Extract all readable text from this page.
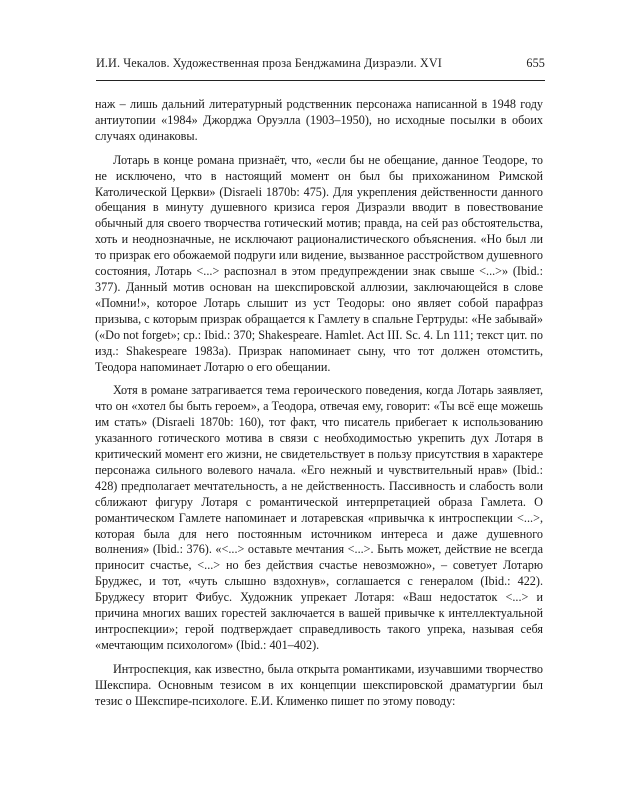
И.И. Чекалов. Художественная проза Бенджамина Дизраэли. XVI	655

наж – лишь дальний литературный родственник персонажа написанной в 1948 году антиутопии «1984» Джорджа Оруэлла (1903–1950), но исходные посылки в обоих случаях одинаковы.

Лотарь в конце романа признаёт, что, «если бы не обещание, данное Теодоре, то не исключено, что в настоящий момент он был бы прихожанином Римской Католической Церкви» (Disraeli 1870b: 475). Для укрепления действенности данного обещания в минуту душевного кризиса героя Дизраэли вводит в повествование обычный для своего творчества готический мотив; правда, на сей раз обстоятельства, хоть и неоднозначные, не исключают рационалистического объяснения. «Но был ли то призрак его обожаемой подруги или видение, вызванное расстройством душевного состояния, Лотарь <...> распознал в этом предупреждении знак свыше <...>» (Ibid.: 377). Данный мотив основан на шекспировской аллюзии, заключающейся в слове «Помни!», которое Лотарь слышит из уст Теодоры: оно являет собой парафраз призыва, с которым призрак обращается к Гамлету в спальне Гертруды: «Не забывай» («Do not forget»; ср.: Ibid.: 370; Shakespeare. Hamlet. Act III. Sc. 4. Ln 111; текст цит. по изд.: Shakespeare 1983a). Призрак напоминает сыну, что тот должен отомстить, Теодора напоминает Лотарю о его обещании.

Хотя в романе затрагивается тема героического поведения, когда Лотарь заявляет, что он «хотел бы быть героем», а Теодора, отвечая ему, говорит: «Ты всё еще можешь им стать» (Disraeli 1870b: 160), тот факт, что писатель прибегает к использованию указанного готического мотива в связи с необходимостью укрепить дух Лотаря в критический момент его жизни, не свидетельствует в пользу присутствия в характере персонажа сильного волевого начала. «Его нежный и чувствительный нрав» (Ibid.: 428) предполагает мечтательность, а не действенность. Пассивность и слабость воли сближают фигуру Лотаря с романтической интерпретацией образа Гамлета. О романтическом Гамлете напоминает и лотаревская «привычка к интроспекции <...>, которая была для него постоянным источником интереса и даже душевного волнения» (Ibid.: 376). «<...> оставьте мечтания <...>. Быть может, действие не всегда приносит счастье, <...> но без действия счастье невозможно», – советует Лотарю Бруджес, и тот, «чуть слышно вздохнув», соглашается с генералом (Ibid.: 422). Бруджесу вторит Фибус. Художник упрекает Лотаря: «Ваш недостаток <...> и причина многих ваших горестей заключается в вашей привычке к интеллектуальной интроспекции»; герой подтверждает справедливость такого упрека, называя себя «мечтающим психологом» (Ibid.: 401–402).

Интроспекция, как известно, была открыта романтиками, изучавшими творчество Шекспира. Основным тезисом в их концепции шекспировской драматургии был тезис о Шекспире-психологе. Е.И. Клименко пишет по этому поводу:
